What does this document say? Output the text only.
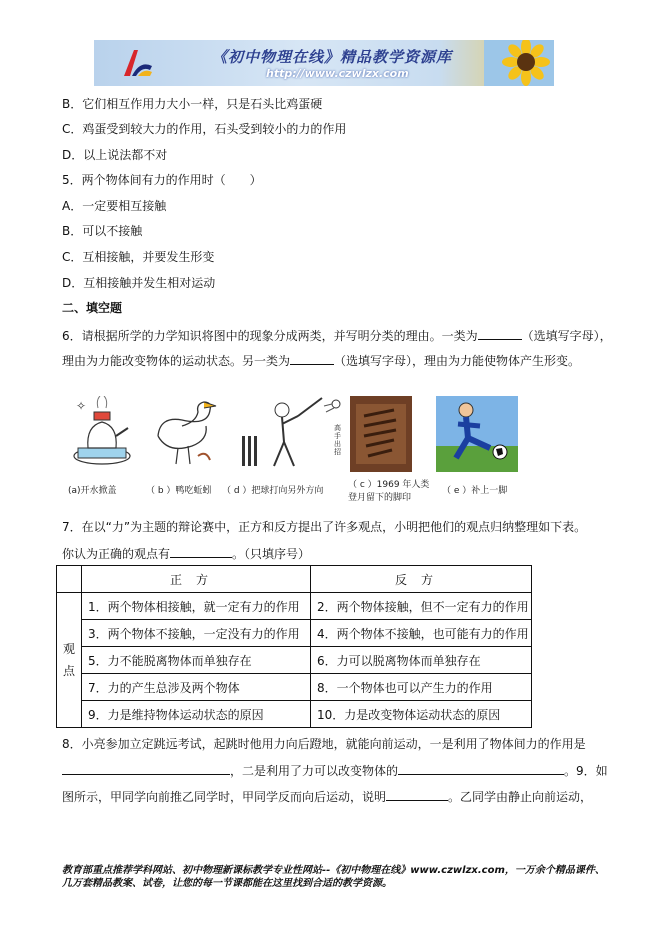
《初中物理在线》精品教学资源库
http://www.czwlzx.com
B．它们相互作用力大小一样，只是石头比鸡蛋硬
C．鸡蛋受到较大力的作用，石头受到较小的力的作用
D．以上说法都不对
5．两个物体间有力的作用时（　　）
A．一定要相互接触
B．可以不接触
C．互相接触，并要发生形变
D．互相接触并发生相对运动
二、填空题
6．请根据所学的力学知识将图中的现象分成两类，并写明分类的理由。一类为	（选填写字母），
理由为力能改变物体的运动状态。另一类为	（选填写字母），理由为力能使物体产生形变。
✧
(a)开水掀盖	（ b ）鸭吃蚯蚓 （ d ）把球打向另外方向
（ c ）1969 年人类
登月留下的脚印
（ e ）补上一脚
高手出招
7．在以“力”为主题的辩论赛中，正方和反方提出了许多观点，小明把他们的观点归纳整理如下表。
你认为正确的观点有	。（只填序号）
	正方	反方
观点	1．两个物体相接触，就一定有力的作用	2．两个物体接触，但不一定有力的作用
	3．两个物体不接触，一定没有力的作用	4．两个物体不接触，也可能有力的作用
	5．力不能脱离物体而单独存在	6．力可以脱离物体而单独存在
	7．力的产生总涉及两个物体	8．一个物体也可以产生力的作用
	9．力是维持物体运动状态的原因	10．力是改变物体运动状态的原因
8．小亮参加立定跳远考试，起跳时他用力向后蹬地，就能向前运动，一是利用了物体间力的作用是
，二是利用了力可以改变物体的	。9．如
图所示，甲同学向前推乙同学时，甲同学反而向后运动，说明	。乙同学由静止向前运动，
教育部重点推荐学科网站、初中物理新课标教学专业性网站--《初中物理在线》www.czwlzx.com，一万余个精品课件、
几万套精品教案、试卷，让您的每一节课都能在这里找到合适的教学资源。
